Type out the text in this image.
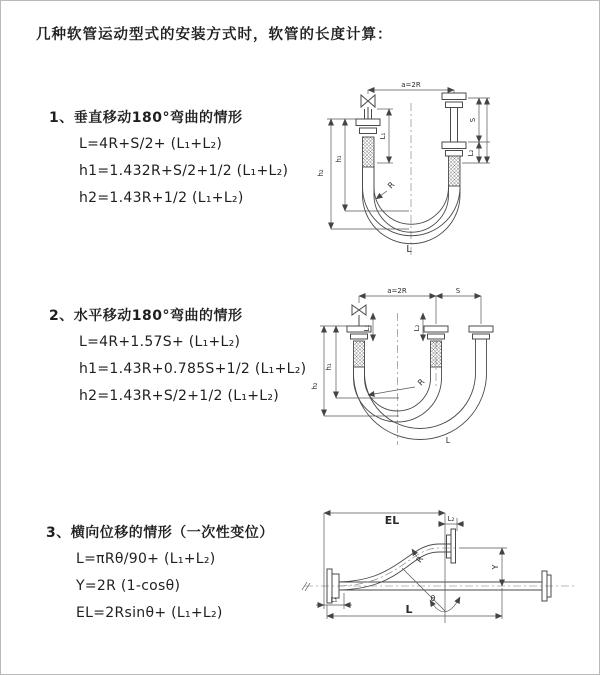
几种软管运动型式的安装方式时，软管的长度计算：
1、垂直移动180°弯曲的情形
L=4R+S/2+ (L₁+L₂)
h1=1.432R+S/2+1/2 (L₁+L₂)
h2=1.43R+1/2 (L₁+L₂)
2、水平移动180°弯曲的情形
L=4R+1.57S+ (L₁+L₂)
h1=1.43R+0.785S+1/2 (L₁+L₂)
h2=1.43R+S/2+1/2 (L₁+L₂)
3、横向位移的情形（一次性变位）
L=πRθ/90+ (L₁+L₂)
Y=2R (1-cosθ)
EL=2Rsinθ+ (L₁+L₂)
a=2R
L₁
S
L₂
h₁
h₂
R
L
a=2R	S
h₁
h₂
L₁	L₂
R
L
θ
R
EL	L₂
Y
L₁
L
